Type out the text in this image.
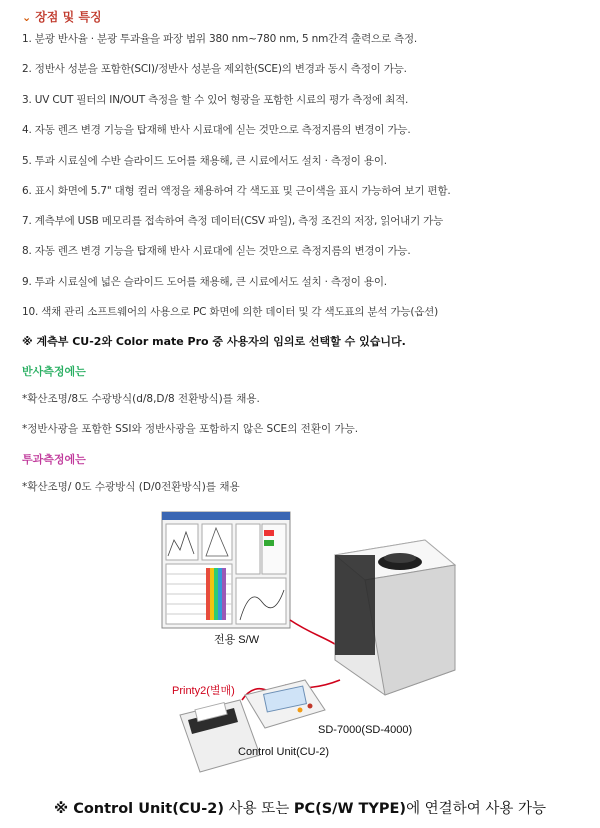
⌄ 장점 및 특징
1. 분광 반사율 · 분광 투과율을 파장 범위 380 nm~780 nm, 5 nm간격 출력으로 측정.
2. 정반사 성분을 포함한(SCI)/정반사 성분을 제외한(SCE)의 변경과 동시 측정이 가능.
3. UV CUT 필터의 IN/OUT 측정을 할 수 있어 형광을 포함한 시료의 평가 측정에 최적.
4. 자동 렌즈 변경 기능을 탑재해 반사 시료대에 싣는 것만으로 측정지름의 변경이 가능.
5. 투과 시료실에 수반 슬라이드 도어를 채용해, 큰 시료에서도 설치 · 측정이 용이.
6. 표시 화면에 5.7" 대형 컬러 액정을 채용하여 각 색도표 및 근이색을 표시 가능하여 보기 편함.
7. 계측부에 USB 메모리를 접속하여 측정 데이터(CSV 파일), 측정 조건의 저장, 읽어내기 가능
8. 자동 렌즈 변경 기능을 탑재해 반사 시료대에 싣는 것만으로 측정지름의 변경이 가능.
9. 투과 시료실에 넓은 슬라이드 도어를 채용해, 큰 시료에서도 설치 · 측정이 용이.
10. 색채 관리 소프트웨어의 사용으로 PC 화면에 의한 데이터 및 각 색도표의 분석 가능(옵션)
※ 계측부 CU-2와 Color mate Pro 중 사용자의 임의로 선택할 수 있습니다.
반사측정에는
*확산조명/8도 수광방식(d/8,D/8 전환방식)를 채용.
*정반사광을 포함한 SSI와 정반사광을 포함하지 않은 SCE의 전환이 가능.
투과측정에는
*확산조명/ 0도 수광방식 (D/0전환방식)를 채용
전용 S/W
Printy2(별매)
SD-7000(SD-4000)
Control Unit(CU-2)
※ Control Unit(CU-2) 사용 또는 PC(S/W TYPE)에 연결하여 사용 가능
